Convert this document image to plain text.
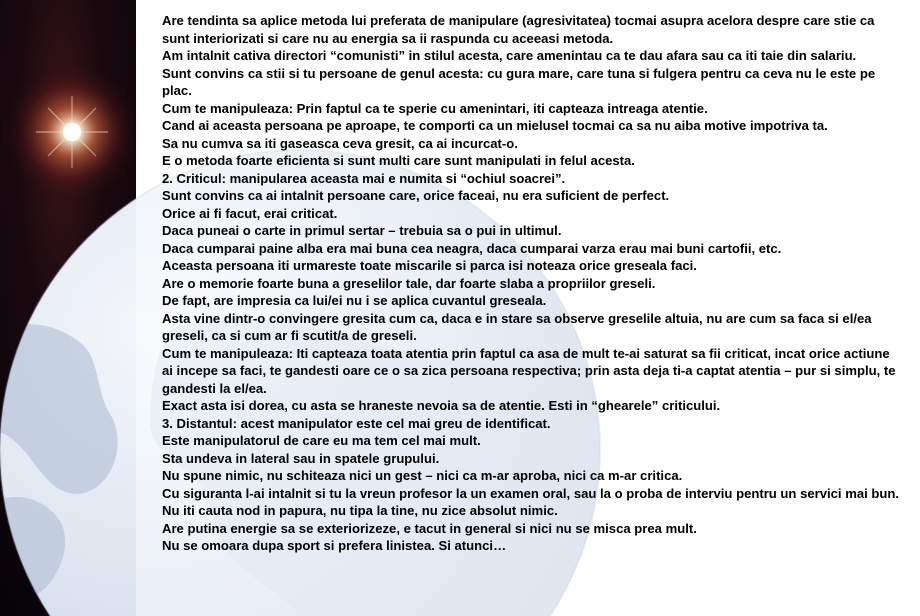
Are tendinta sa aplice metoda lui preferata de manipulare (agresivitatea) tocmai asupra acelora despre care stie ca sunt interiorizati si care nu au energia sa ii raspunda cu aceeasi metoda.

Am intalnit cativa directori “comunisti” in stilul acesta, care amenintau ca te dau afara sau ca iti taie din salariu.

Sunt convins ca stii si tu persoane de genul acesta: cu gura mare, care tuna si fulgera pentru ca ceva nu le este pe plac.

Cum te manipuleaza: Prin faptul ca te sperie cu amenintari, iti capteaza intreaga atentie.

Cand ai aceasta persoana pe aproape, te comporti ca un mielusel tocmai ca sa nu aiba motive impotriva ta.

Sa nu cumva sa iti gaseasca ceva gresit, ca ai incurcat-o.

E o metoda foarte eficienta si sunt multi care sunt manipulati in felul acesta.

2. Criticul: manipularea aceasta mai e numita si “ochiul soacrei”.

Sunt convins ca ai intalnit persoane care, orice faceai, nu era suficient de perfect.

Orice ai fi facut, erai criticat.

Daca puneai o carte in primul sertar – trebuia sa o pui in ultimul.

Daca cumparai paine alba era mai buna cea neagra, daca cumparai varza erau mai buni cartofii, etc.

Aceasta persoana iti urmareste toate miscarile si parca isi noteaza orice greseala faci.

Are o memorie foarte buna a greselilor tale, dar foarte slaba a propriilor greseli.

De fapt, are impresia ca lui/ei nu i se aplica cuvantul greseala.

Asta vine dintr-o convingere gresita cum ca, daca e in stare sa observe greselile altuia, nu are cum sa faca si el/ea greseli, ca si cum ar fi scutit/a de greseli.

Cum te manipuleaza: Iti capteaza toata atentia prin faptul ca asa de mult te-ai saturat sa fii criticat, incat orice actiune ai incepe sa faci, te gandesti oare ce o sa zica persoana respectiva; prin asta deja ti-a captat atentia – pur si simplu, te gandesti la el/ea.

Exact asta isi dorea, cu asta se hraneste nevoia sa de atentie. Esti in “ghearele” criticului.

3. Distantul: acest manipulator este cel mai greu de identificat.

Este manipulatorul de care eu ma tem cel mai mult.

Sta undeva in lateral sau in spatele grupului.

Nu spune nimic, nu schiteaza nici un gest – nici ca m-ar aproba, nici ca m-ar critica.

Cu siguranta l-ai intalnit si tu la vreun profesor la un examen oral, sau la o proba de interviu pentru un servici mai bun.

Nu iti cauta nod in papura, nu tipa la tine, nu zice absolut nimic.

Are putina energie sa se exteriorizeze, e tacut in general si nici nu se misca prea mult.

Nu se omoara dupa sport si prefera linistea. Si atunci…
